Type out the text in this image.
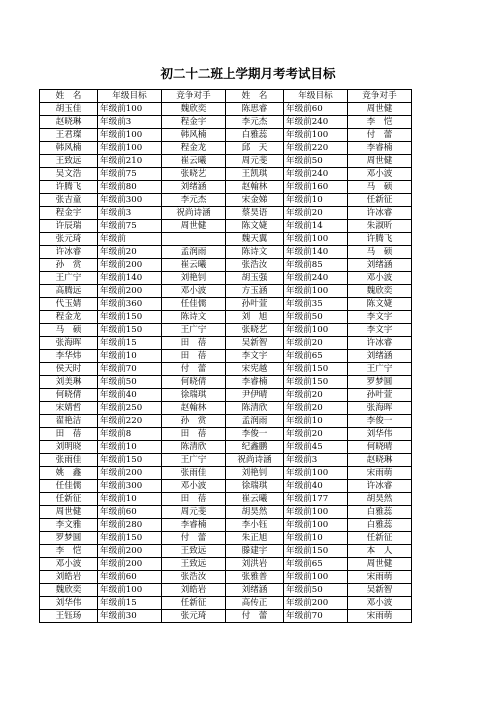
初二十二班上学期月考考试目标
姓　名	年级目标	竞争对手	姓　名	年级目标	竞争对手
胡玉佳	年级前100	魏欣奕	陈思睿	年级前60	周世健
赵晓琳	年级前3	程金宇	李元杰	年级前240	李　恺
王君璨	年级前100	韩风楠	白雅蕊	年级前100	付　蕾
韩风楠	年级前100	程金龙	邱　天	年级前220	李睿楠
王致远	年级前210	崔云曦	周元斐	年级前50	周世健
吴文浩	年级前75	张晓艺	王凯琪	年级前240	邓小波
许腾飞	年级前80	刘绪涵	赵翰林	年级前160	马　硕
张吉童	年级前300	李元杰	宋金娣	年级前10	任新征
程金宇	年级前3	祝尚诗涵	蔡昊语	年级前20	许冰睿
许辰瑞	年级前75	周世健	陈文婕	年级前14	朱淑昕
张元琦	年级前		魏天翼	年级前100	许腾飞
许冰睿	年级前20	孟润雨	陈诗文	年级前140	马　硕
孙　赏	年级前200	崔云曦	张浩汝	年级前85	刘绪涵
王广宁	年级前140	刘艳钊	胡玉强	年级前240	邓小波
高腾远	年级前200	邓小波	方玉涵	年级前100	魏欣奕
代玉婧	年级前360	任佳儒	孙叶萱	年级前35	陈文婕
程金龙	年级前150	陈诗文	刘　旭	年级前50	李文宇
马　硕	年级前150	王广宁	张晓艺	年级前100	李文宇
张海晖	年级前15	田　蓓	吴新智	年级前20	许冰睿
李华炜	年级前10	田　蓓	李文宇	年级前65	刘绪涵
侯天时	年级前70	付　蕾	宋宪越	年级前150	王广宁
刘美琳	年级前50	何晓倩	李睿楠	年级前150	罗梦圆
何晓倩	年级前40	徐瑞琪	尹伊晴	年级前20	孙叶萱
宋婧哲	年级前250	赵翰林	陈清欣	年级前20	张海晖
翟艳洁	年级前220	孙　赏	孟润雨	年级前10	李俊一
田　蓓	年级前8	田　蓓	李俊一	年级前20	刘华伟
刘明晓	年级前10	陈清欣	纪鑫鹏	年级前45	何晓晴
张雨佳	年级前150	王广宁	祝尚诗涵	年级前3	赵晓琳
姚　鑫	年级前200	张雨佳	刘艳钊	年级前100	宋雨萌
任佳儒	年级前300	邓小波	徐瑞琪	年级前40	许冰睿
任新征	年级前10	田　蓓	崔云曦	年级前177	胡昊然
周世健	年级前60	周元斐	胡昊然	年级前100	白雅蕊
李文雅	年级前280	李睿楠	李小钰	年级前100	白雅蕊
罗梦圆	年级前150	付　蕾	朱正旭	年级前10	任新征
李　恺	年级前200	王致远	滕建宇	年级前150	本　人
邓小波	年级前200	王致远	刘洪岩	年级前65	周世健
刘皓岩	年级前60	张浩汝	张雅普	年级前100	宋雨萌
魏欣奕	年级前100	刘皓岩	刘绪涵	年级前50	吴新智
刘华伟	年级前15	任新征	高传正	年级前200	邓小波
王钰玚	年级前30	张元琦	付　蕾	年级前70	宋雨萌
